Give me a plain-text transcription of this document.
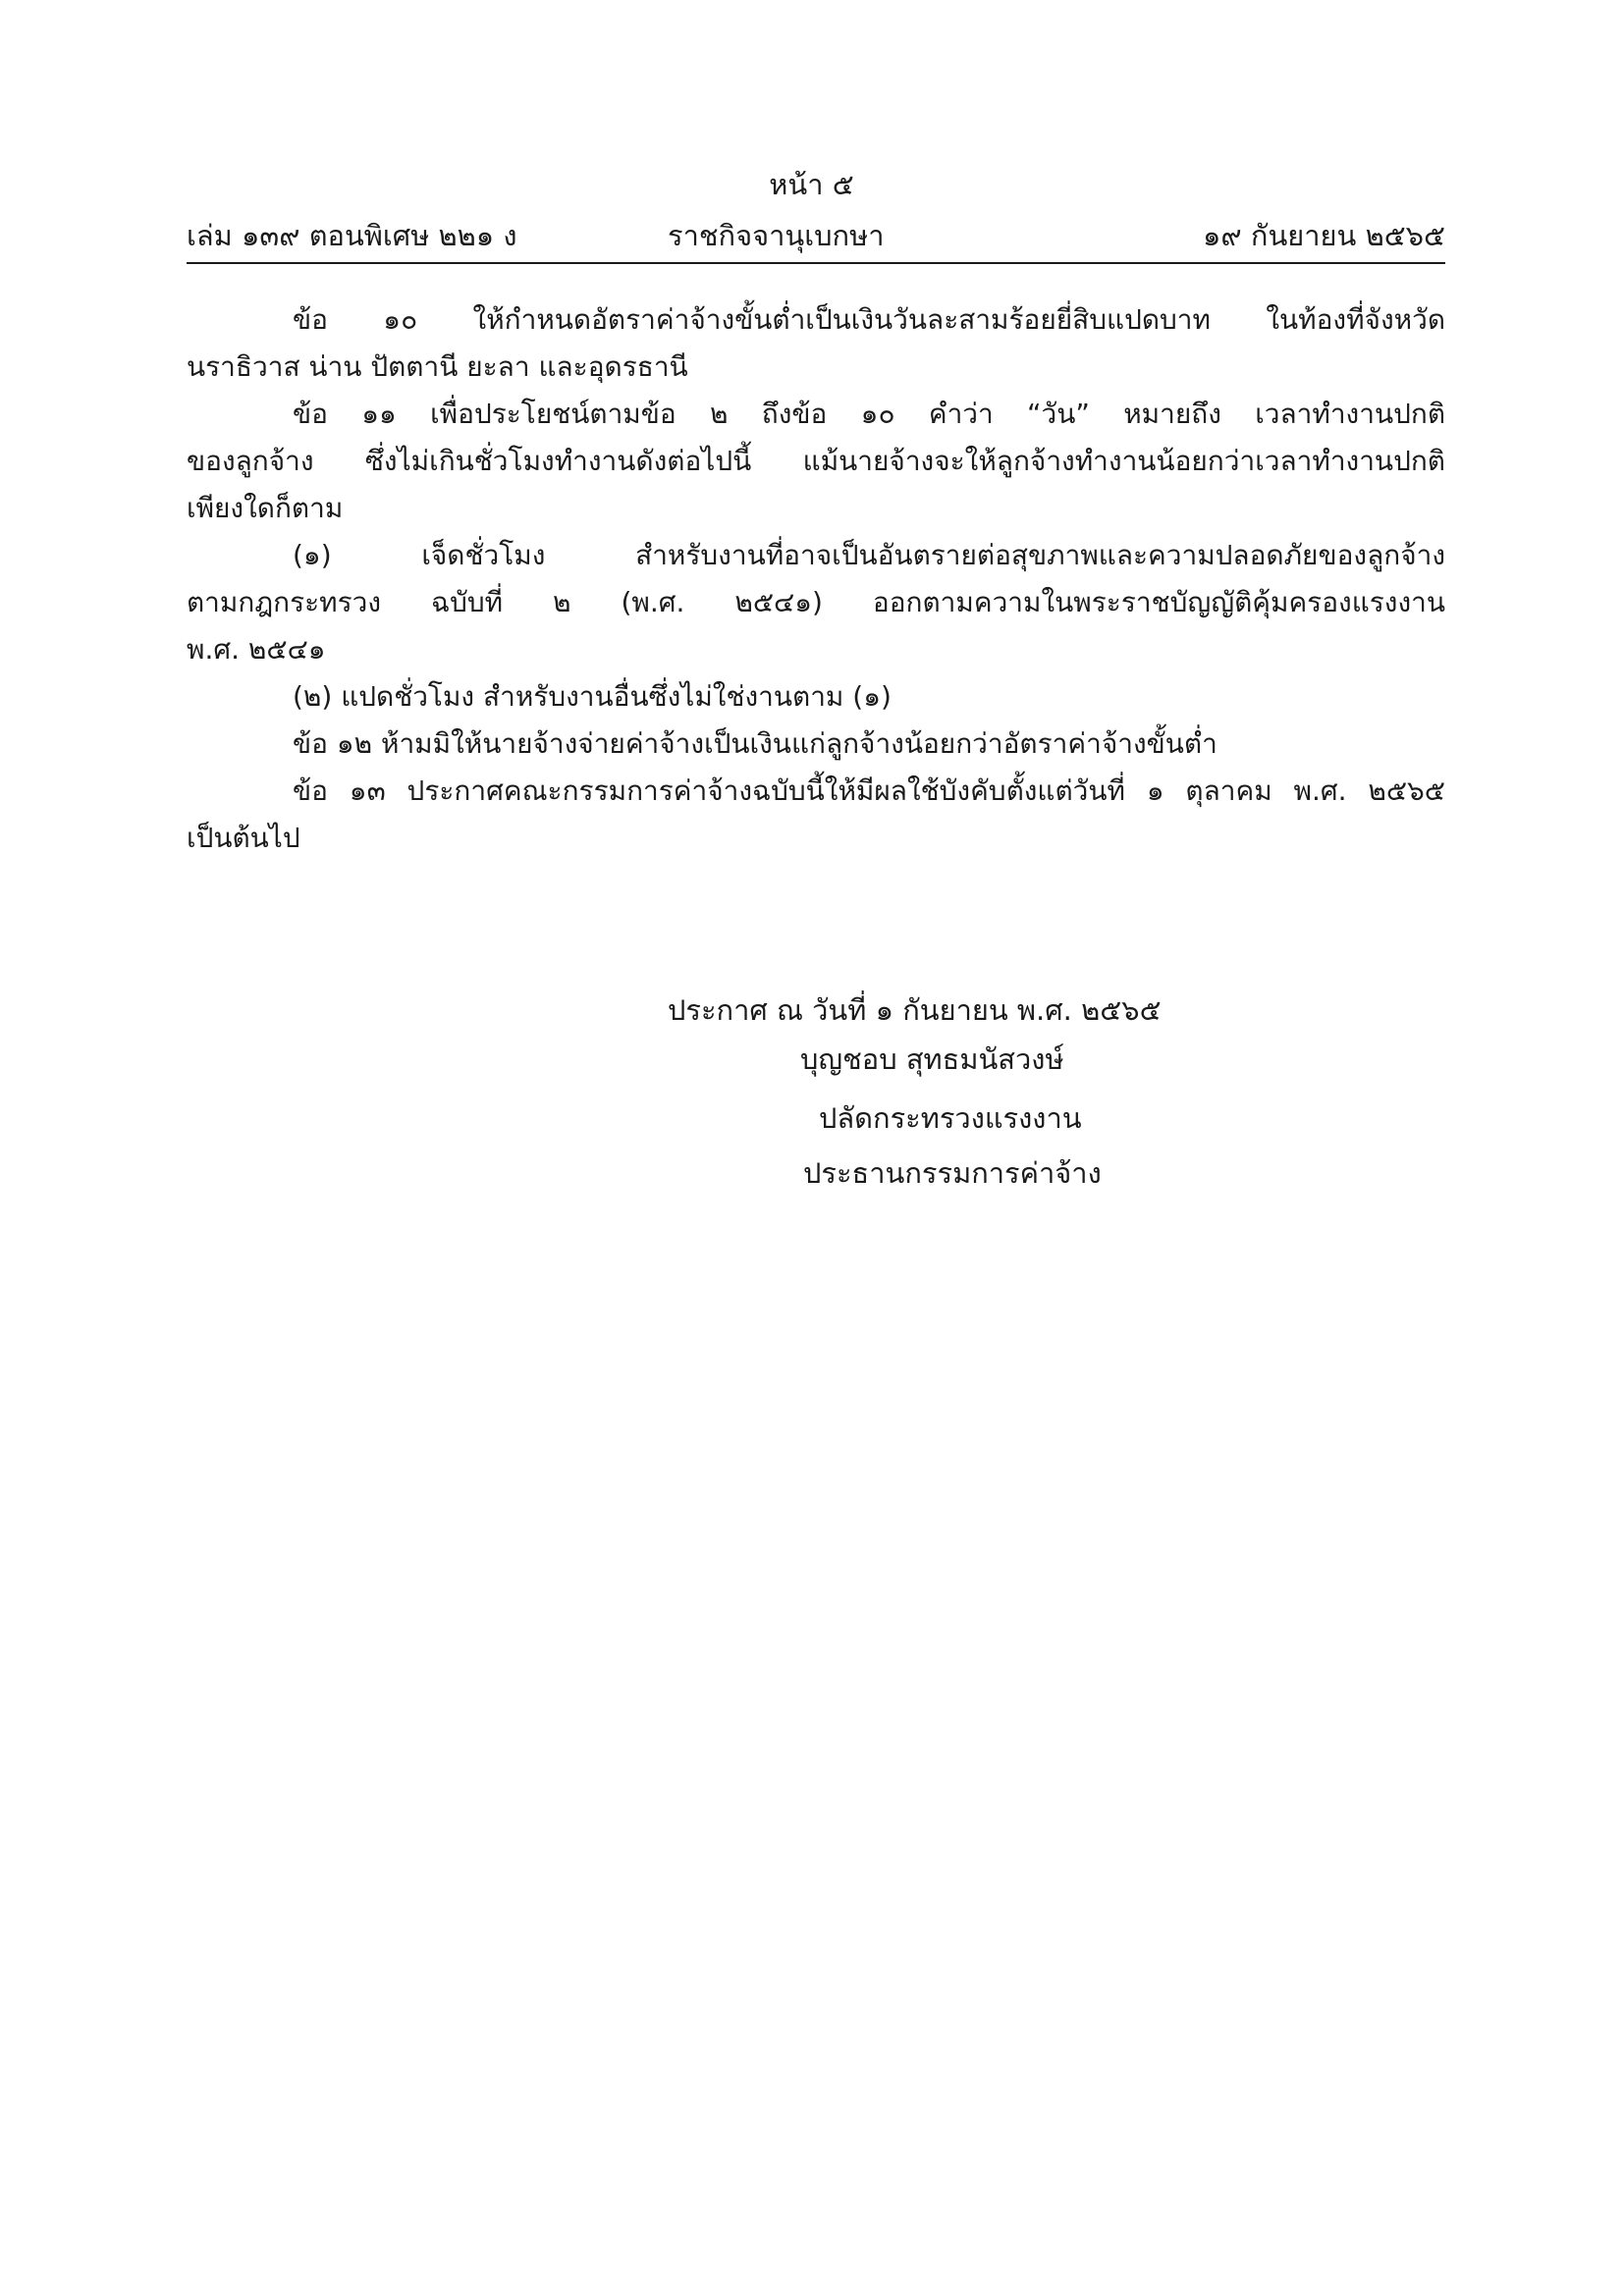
หน้า ๕
เล่ม ๑๓๙ ตอนพิเศษ ๒๒๑ ง	ราชกิจจานุเบกษา	๑๙ กันยายน ๒๕๖๕
ข้อ ๑๐ ให้กำหนดอัตราค่าจ้างขั้นต่ำเป็นเงินวันละสามร้อยยี่สิบแปดบาท ในท้องที่จังหวัด
นราธิวาส น่าน ปัตตานี ยะลา และอุดรธานี
ข้อ ๑๑ เพื่อประโยชน์ตามข้อ ๒ ถึงข้อ ๑๐ คำว่า “วัน” หมายถึง เวลาทำงานปกติ
ของลูกจ้าง ซึ่งไม่เกินชั่วโมงทำงานดังต่อไปนี้ แม้นายจ้างจะให้ลูกจ้างทำงานน้อยกว่าเวลาทำงานปกติ
เพียงใดก็ตาม
(๑) เจ็ดชั่วโมง สำหรับงานที่อาจเป็นอันตรายต่อสุขภาพและความปลอดภัยของลูกจ้าง
ตามกฎกระทรวง ฉบับที่ ๒ (พ.ศ. ๒๕๔๑) ออกตามความในพระราชบัญญัติคุ้มครองแรงงาน
พ.ศ. ๒๕๔๑
(๒) แปดชั่วโมง สำหรับงานอื่นซึ่งไม่ใช่งานตาม (๑)
ข้อ ๑๒ ห้ามมิให้นายจ้างจ่ายค่าจ้างเป็นเงินแก่ลูกจ้างน้อยกว่าอัตราค่าจ้างขั้นต่ำ
ข้อ ๑๓ ประกาศคณะกรรมการค่าจ้างฉบับนี้ให้มีผลใช้บังคับตั้งแต่วันที่ ๑ ตุลาคม พ.ศ. ๒๕๖๕
เป็นต้นไป
ประกาศ ณ วันที่ ๑ กันยายน พ.ศ. ๒๕๖๕
บุญชอบ สุทธมนัสวงษ์
ปลัดกระทรวงแรงงาน
ประธานกรรมการค่าจ้าง
